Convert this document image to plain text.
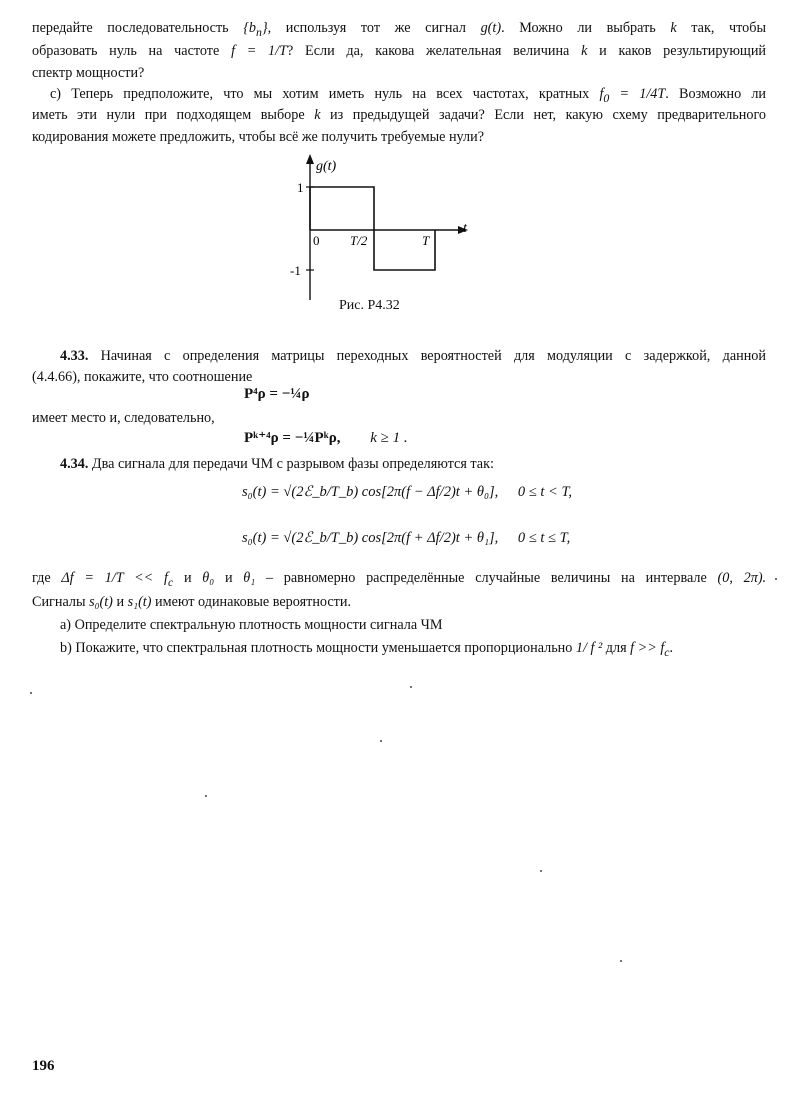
передайте последовательность $\{b_n\}$, используя тот же сигнал g(t). Можно ли выбрать k так, чтобы
образовать нуль на частоте f = 1/T? Если да, какова желательная величина k и каков результирующий
спектр мощности?
c) Теперь предположите, что мы хотим иметь нуль на всех частотах, кратных $f_0 = 1/4T$. Возможно ли
иметь эти нули при подходящем выборе k из предыдущей задачи? Если нет, какую схему предварительного
кодирования можете предложить, чтобы всё же получить требуемые нули?
g(t)
t
1
-1
0 T/2	T
Рис. P4.32
4.33. Начиная с определения матрицы переходных вероятностей для модуляции с задержкой, данной
(4.4.66), покажите, что соотношение
P⁴ρ = −¼ρ
имеет место и, следовательно,
Pᵏ⁺⁴ρ = −¼Pᵏρ, k ≥ 1 .
4.34. Два сигнала для передачи ЧМ с разрывом фазы определяются так:
s₀(t) = √(2ℰ_b/T_b) cos[2π(f − Δf/2)t + θ₀], 0 ≤ t < T,
s₀(t) = √(2ℰ_b/T_b) cos[2π(f + Δf/2)t + θ₁], 0 ≤ t ≤ T,
где $\Delta f = 1/T << f_c$ и θ₀ и θ₁ – равномерно распределённые случайные величины на интервале (0, 2π).
Сигналы s₀(t) и s₁(t) имеют одинаковые вероятности.
a) Определите спектральную плотность мощности сигнала ЧМ
b) Покажите, что спектральная плотность мощности уменьшается пропорционально 1/ f ² для $f >> f_c$.
196
